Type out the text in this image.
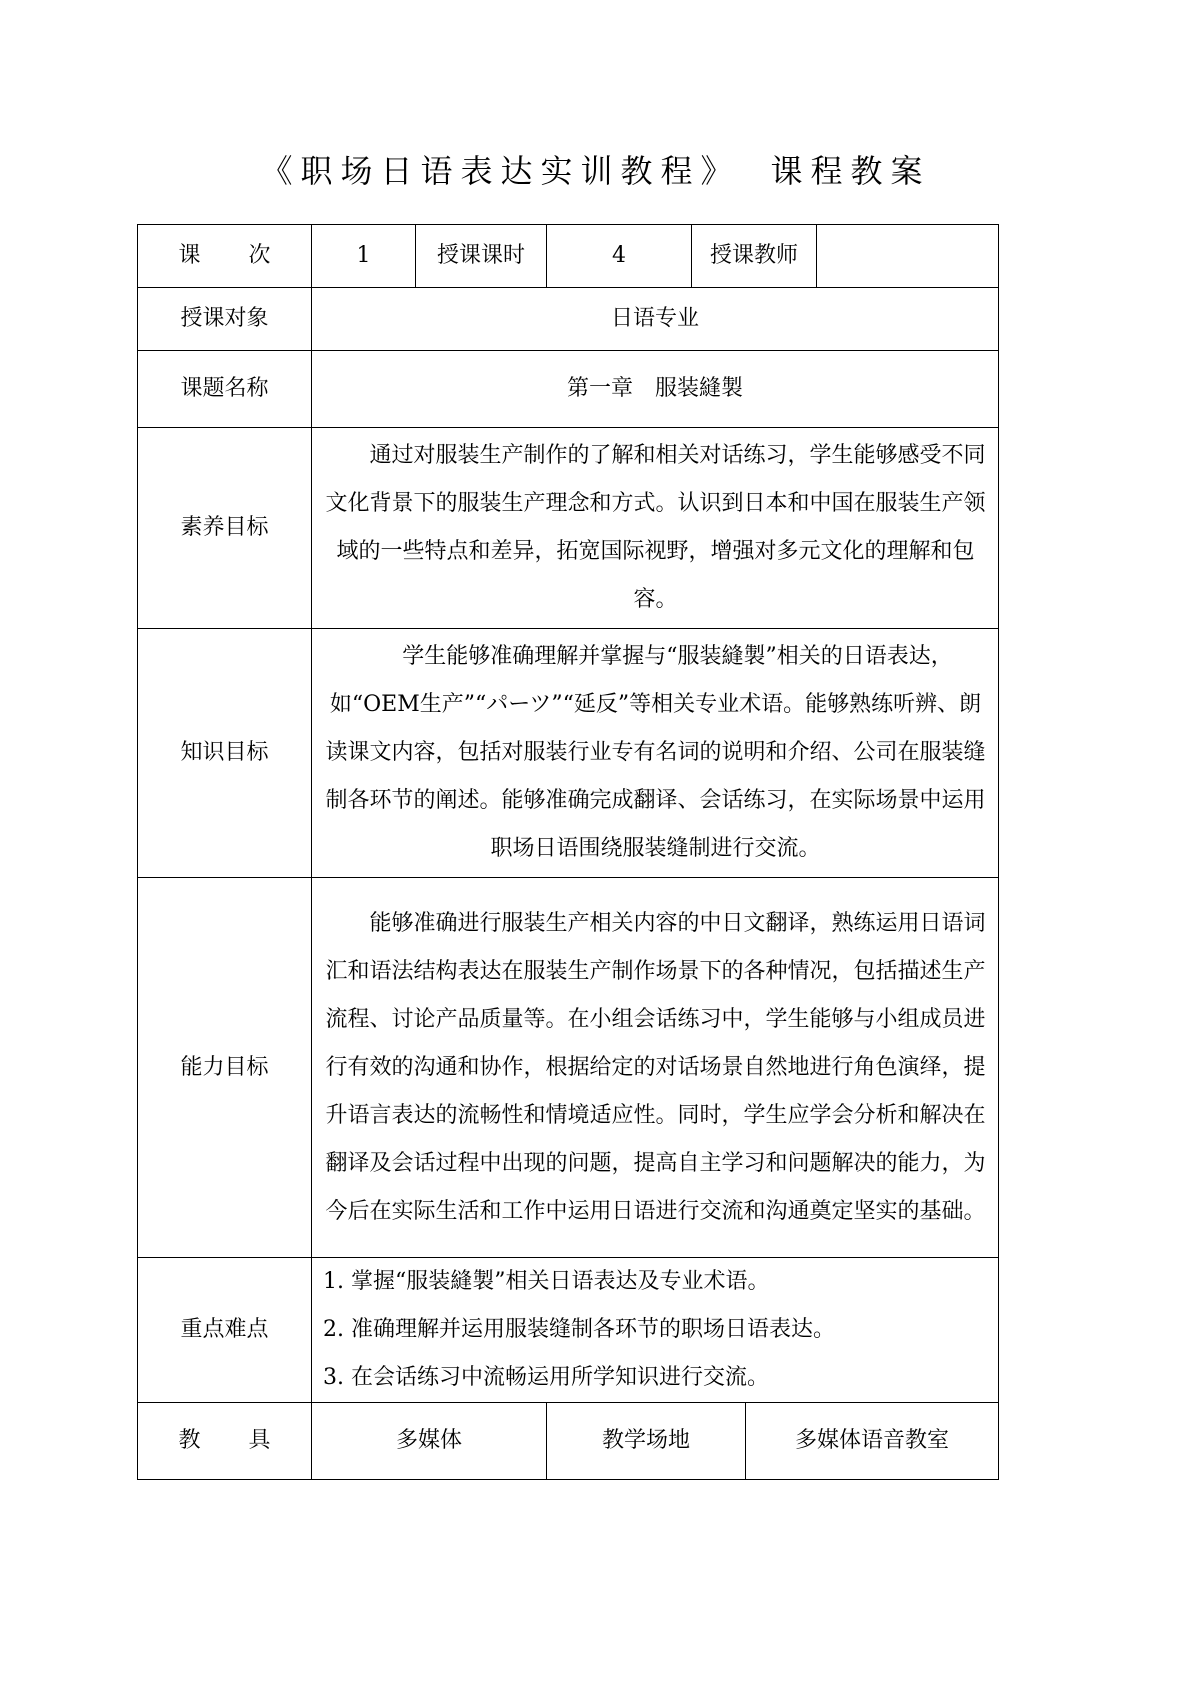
《职场日语表达实训教程》 课程教案
课　次	1	授课课时	4	授课教师		
授课对象	日语专业					
课题名称	第一章　服装縫製					
素养目标	通过对服装生产制作的了解和相关对话练习，学生能够感受不同文化背景下的服装生产理念和方式。认识到日本和中国在服装生产领域的一些特点和差异，拓宽国际视野，增强对多元文化的理解和包容。					

知识目标	学生能够准确理解并掌握与“服装縫製”相关的日语表达，如“OEM生产”“パーツ”“延反”等相关专业术语。能够熟练听辨、朗读课文内容，包括对服装行业专有名词的说明和介绍、公司在服装缝制各环节的阐述。能够准确完成翻译、会话练习，在实际场景中运用职场日语围绕服装缝制进行交流。					

能力目标	能够准确进行服装生产相关内容的中日文翻译，熟练运用日语词汇和语法结构表达在服装生产制作场景下的各种情况，包括描述生产流程、讨论产品质量等。在小组会话练习中，学生能够与小组成员进行有效的沟通和协作，根据给定的对话场景自然地进行角色演绎，提升语言表达的流畅性和情境适应性。同时，学生应学会分析和解决在翻译及会话过程中出现的问题，提高自主学习和问题解决的能力，为今后在实际生活和工作中运用日语进行交流和沟通奠定坚实的基础。					

重点难点	1. 掌握“服装縫製”相关日语表达及专业术语。
2. 准确理解并运用服装缝制各环节的职场日语表达。
3. 在会话练习中流畅运用所学知识进行交流。					

教　具	多媒体		教学场地		多媒体语音教室	
